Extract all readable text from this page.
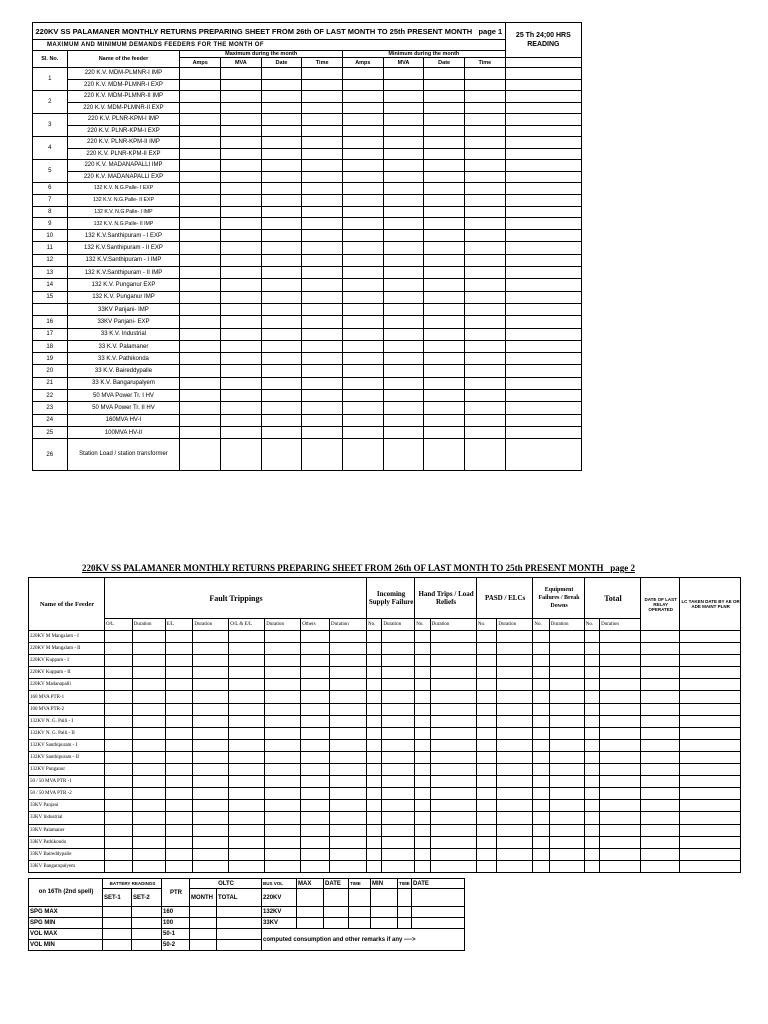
220KV SS PALAMANER MONTHLY RETURNS PREPARING SHEET FROM 26th OF LAST MONTH TO 25th PRESENT MONTH page 1										25 Th 24;00 HRS READING
MAXIMUM AND MINIMUM DEMANDS FEEDERS FOR THE MONTH OF										
Sl. No.	Name of the feeder	Maximum during the month				Minimum during the month				
		Amps	MVA	Date	Time	Amps	MVA	Date	Time	
1	220 K.V. MDM-PLMNR-I IMP									
	220 K.V. MDM-PLMNR-I EXP									
2	220 K.V. MDM-PLMNR-II IMP									
	220 K.V. MDM-PLMNR-II EXP									
3	220 K.V. PLNR-KPM-I IMP									
	220 K.V. PLNR-KPM-I EXP									
4	220 K.V. PLNR-KPM-II IMP									
	220 K.V. PLNR-KPM-II EXP									
5	220 K.V. MADANAPALLI IMP									
	220 K.V. MADANAPALLI EXP									
6	132 K.V. N.G.Palle- I EXP									
7	132 K.V. N.G.Palle- II EXP									
8	132 K.V. N.G.Palle- I IMP									
9	132 K.V. N.G.Palle- II IMP									
10	132 K.V.Santhipuram - I EXP									
11	132 K.V.Santhipuram - II EXP									
12	132 K.V.Santhipuram - I IMP									
13	132 K.V.Santhipuram - II IMP									
14	132 K.V. Punganur EXP									
15	132 K.V. Punganur IMP									
	33KV Panjani- IMP									
16	33KV Panjani- EXP									
17	33 K.V. Industrial									
18	33 K.V. Palamaner									
19	33 K.V. Pathikonda									
20	33 K.V. Baireddypalle									
21	33 K.V. Bangarupalyem									
22	50 MVA Power Tr. I HV									
23	50 MVA Power Tr. II HV									
24	160MVA HV-I									
25	100MVA HV-II									
26	Station Load / station transformer									
220KV SS PALAMANER MONTHLY RETURNS PREPARING SHEET FROM 26th OF LAST MONTH TO 25th PRESENT MONTH page 2
Name of the Feeder	Fault Trippings								Incoming Supply Failure		Hand Trips / Load Reliefs		PASD / ELCs		Equipment Failures / Break Downs		Total		DATE OF LAST RELAY OPERATED	LC TAKEN DATE BY AE OR ADE MAINT PLNR
	O/L	Duration	E/L	Duration	O/L & E/L	Duration	Others	Duration	No.	Duration	No.	Duration	No.	Duration	No.	Duration	No.	Duration		
220KV M Mangalam - I																				
220KV M Mangalam - II																				
220KV Kuppam - I																				
220KV Kuppam - II																				
220KV Madanapalli																				
160 MVA PTR-1																				
100 MVA PTR-2																				
132KV N. G. Palli - I																				
132KV N. G. Palli - II																				
132KV Santhipuram - I																				
132KV Santhipuram - II																				
132KV Punganur																				
50 / 50 MVA PTR -1																				
50 / 50 MVA PTR -2																				
33KV Panjani																				
33KV Industrial																				
33KV Palamaner																				
33KV Pathikonda																				
33KV Baireddypalle																				
33KV Bangarupalyem																				
on 16Th (2nd spell)	BATTERY READINGS		PTR	OLTC		BUS VOL	MAX	DATE	TIME	MIN	TIME	DATE
	SET-1	SET-2		MONTH	TOTAL	220KV						
SPG MAX			160			132KV						
SPG MIN			100			33KV						
VOL MAX			50-1			computed consumption and other remarks if any ---->						
VOL MIN			50-2									
